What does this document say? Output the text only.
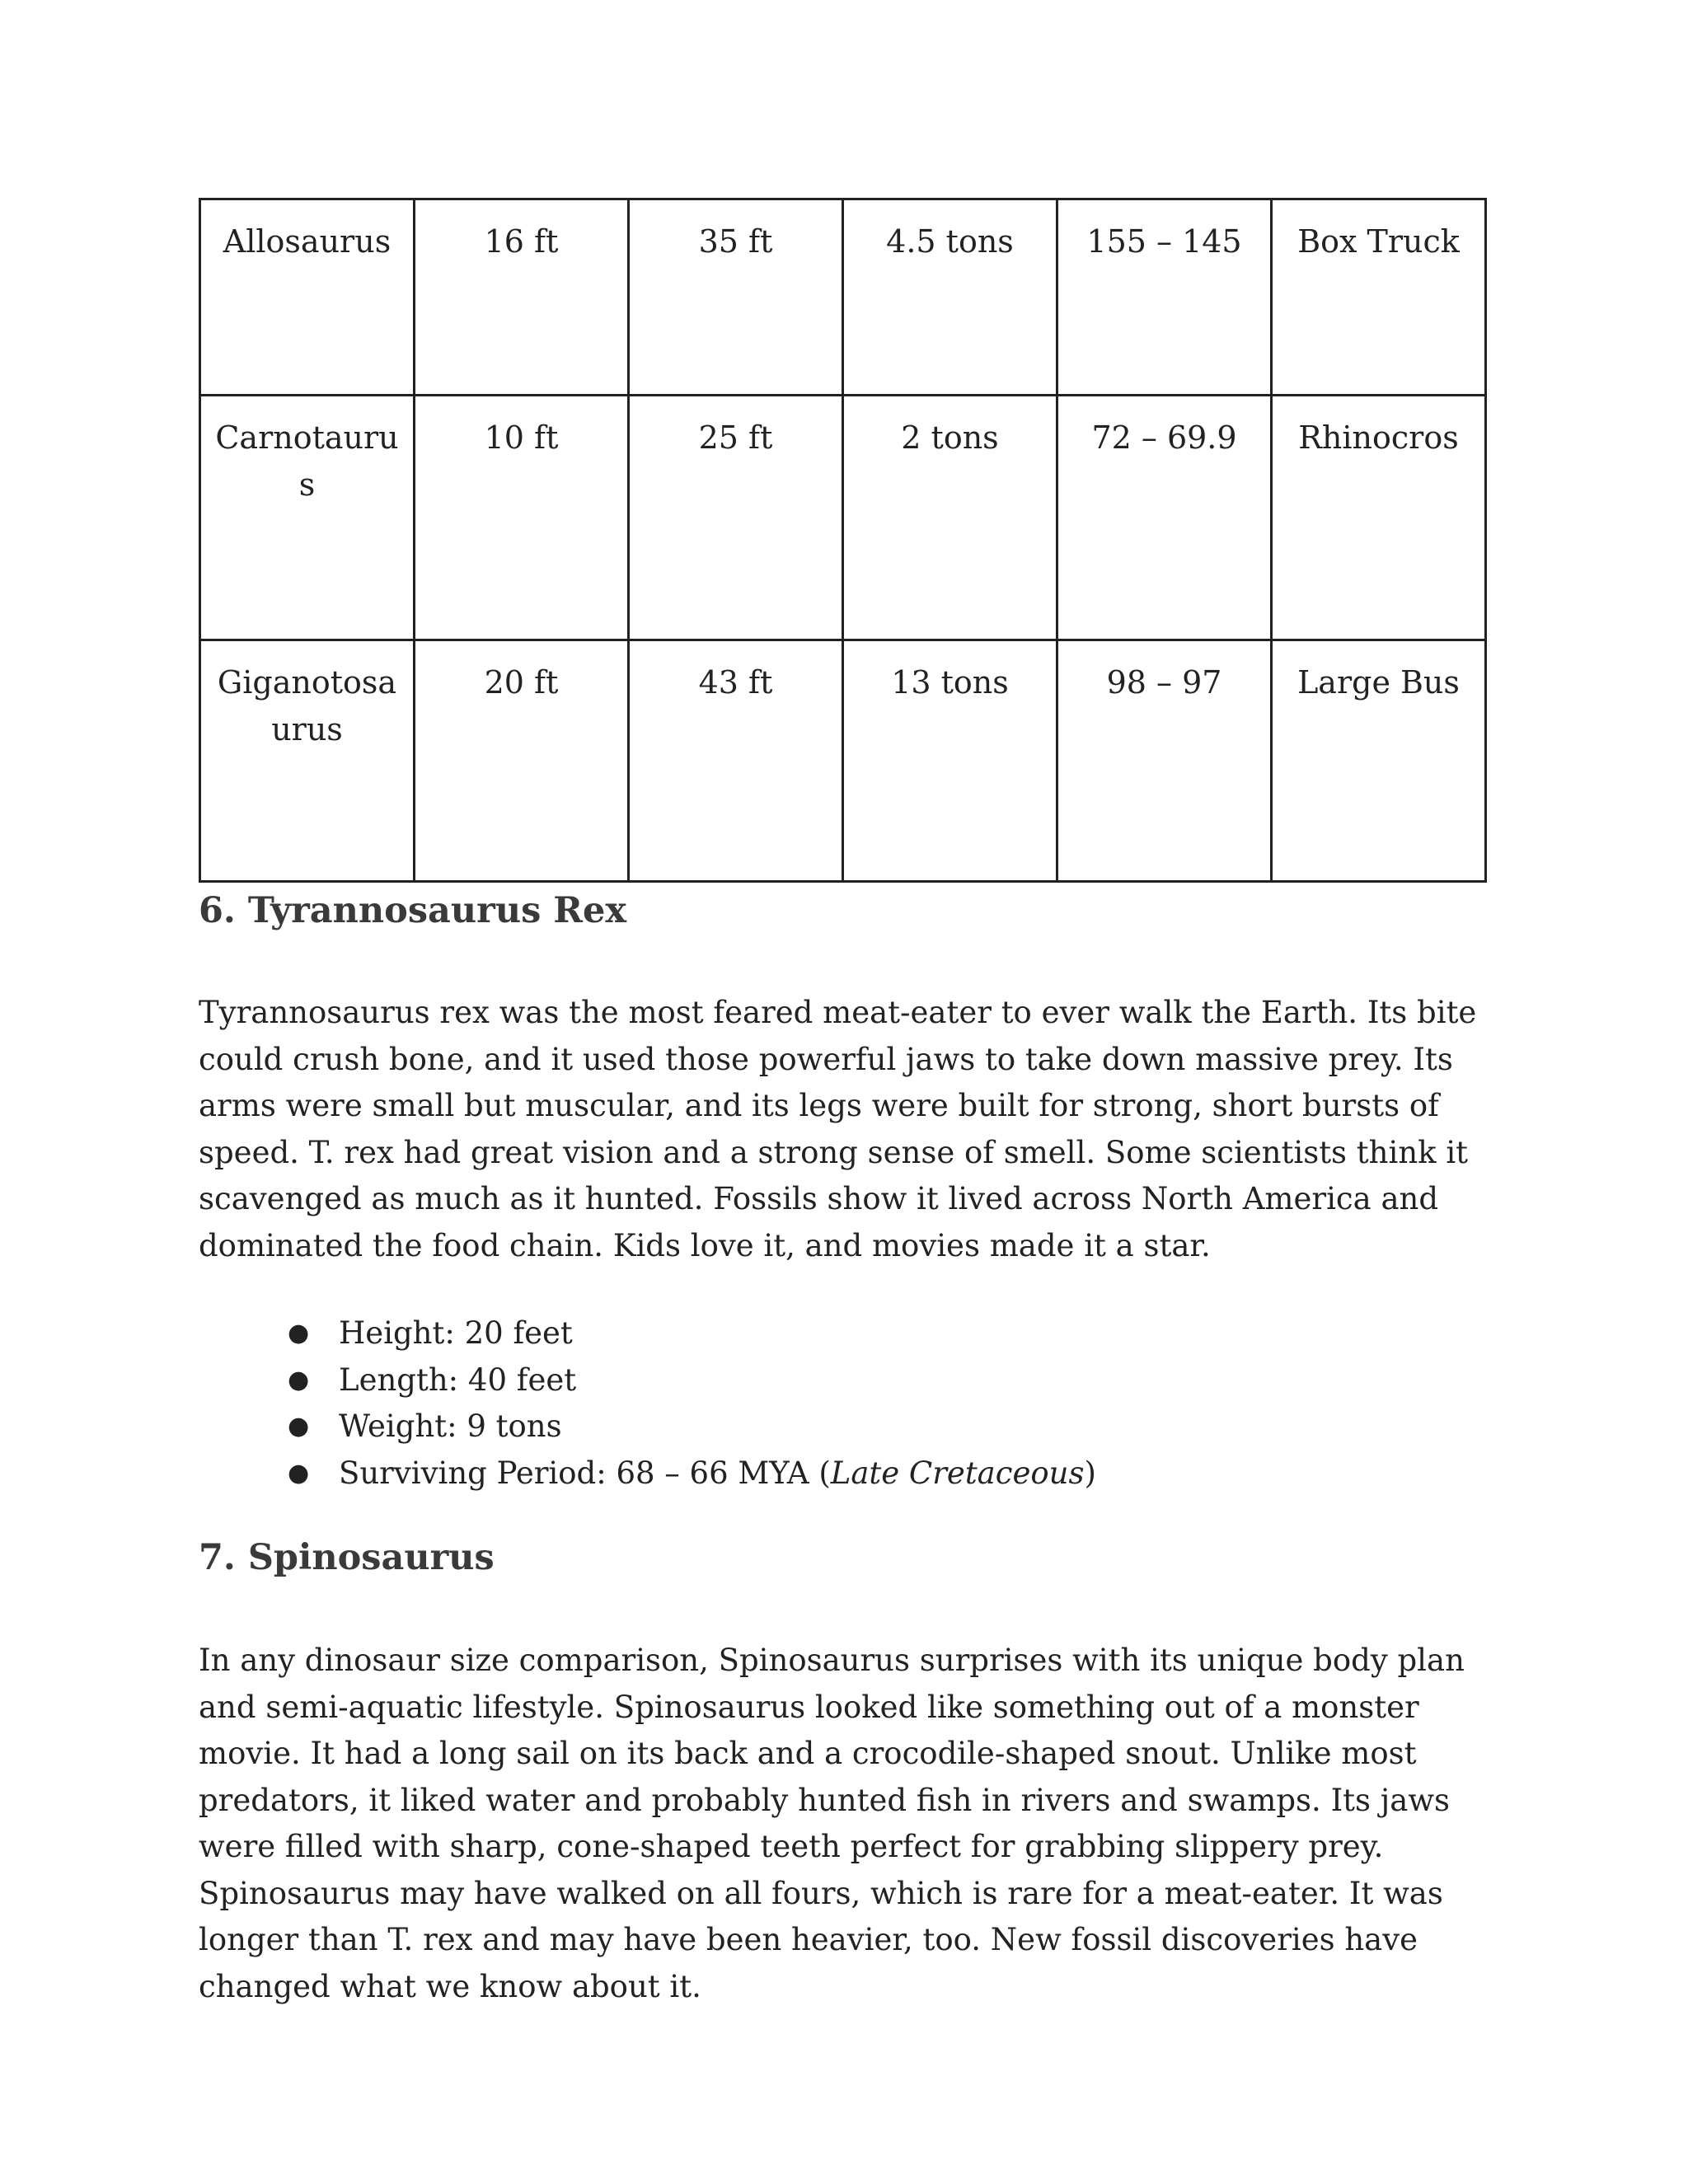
Allosaurus	16 ft	35 ft	4.5 tons	155 – 145	Box Truck
Carnotaurus	10 ft	25 ft	2 tons	72 – 69.9	Rhinocros
Giganotosaurus	20 ft	43 ft	13 tons	98 – 97	Large Bus
6. Tyrannosaurus Rex

Tyrannosaurus rex was the most feared meat-eater to ever walk the Earth. Its bite could crush bone, and it used those powerful jaws to take down massive prey. Its arms were small but muscular, and its legs were built for strong, short bursts of speed. T. rex had great vision and a strong sense of smell. Some scientists think it scavenged as much as it hunted. Fossils show it lived across North America and dominated the food chain. Kids love it, and movies made it a star.

● Height: 20 feet
● Length: 40 feet
● Weight: 9 tons
● Surviving Period: 68 – 66 MYA (Late Cretaceous)
7. Spinosaurus

In any dinosaur size comparison, Spinosaurus surprises with its unique body plan and semi-aquatic lifestyle. Spinosaurus looked like something out of a monster movie. It had a long sail on its back and a crocodile-shaped snout. Unlike most predators, it liked water and probably hunted fish in rivers and swamps. Its jaws were filled with sharp, cone-shaped teeth perfect for grabbing slippery prey. Spinosaurus may have walked on all fours, which is rare for a meat-eater. It was longer than T. rex and may have been heavier, too. New fossil discoveries have changed what we know about it.
